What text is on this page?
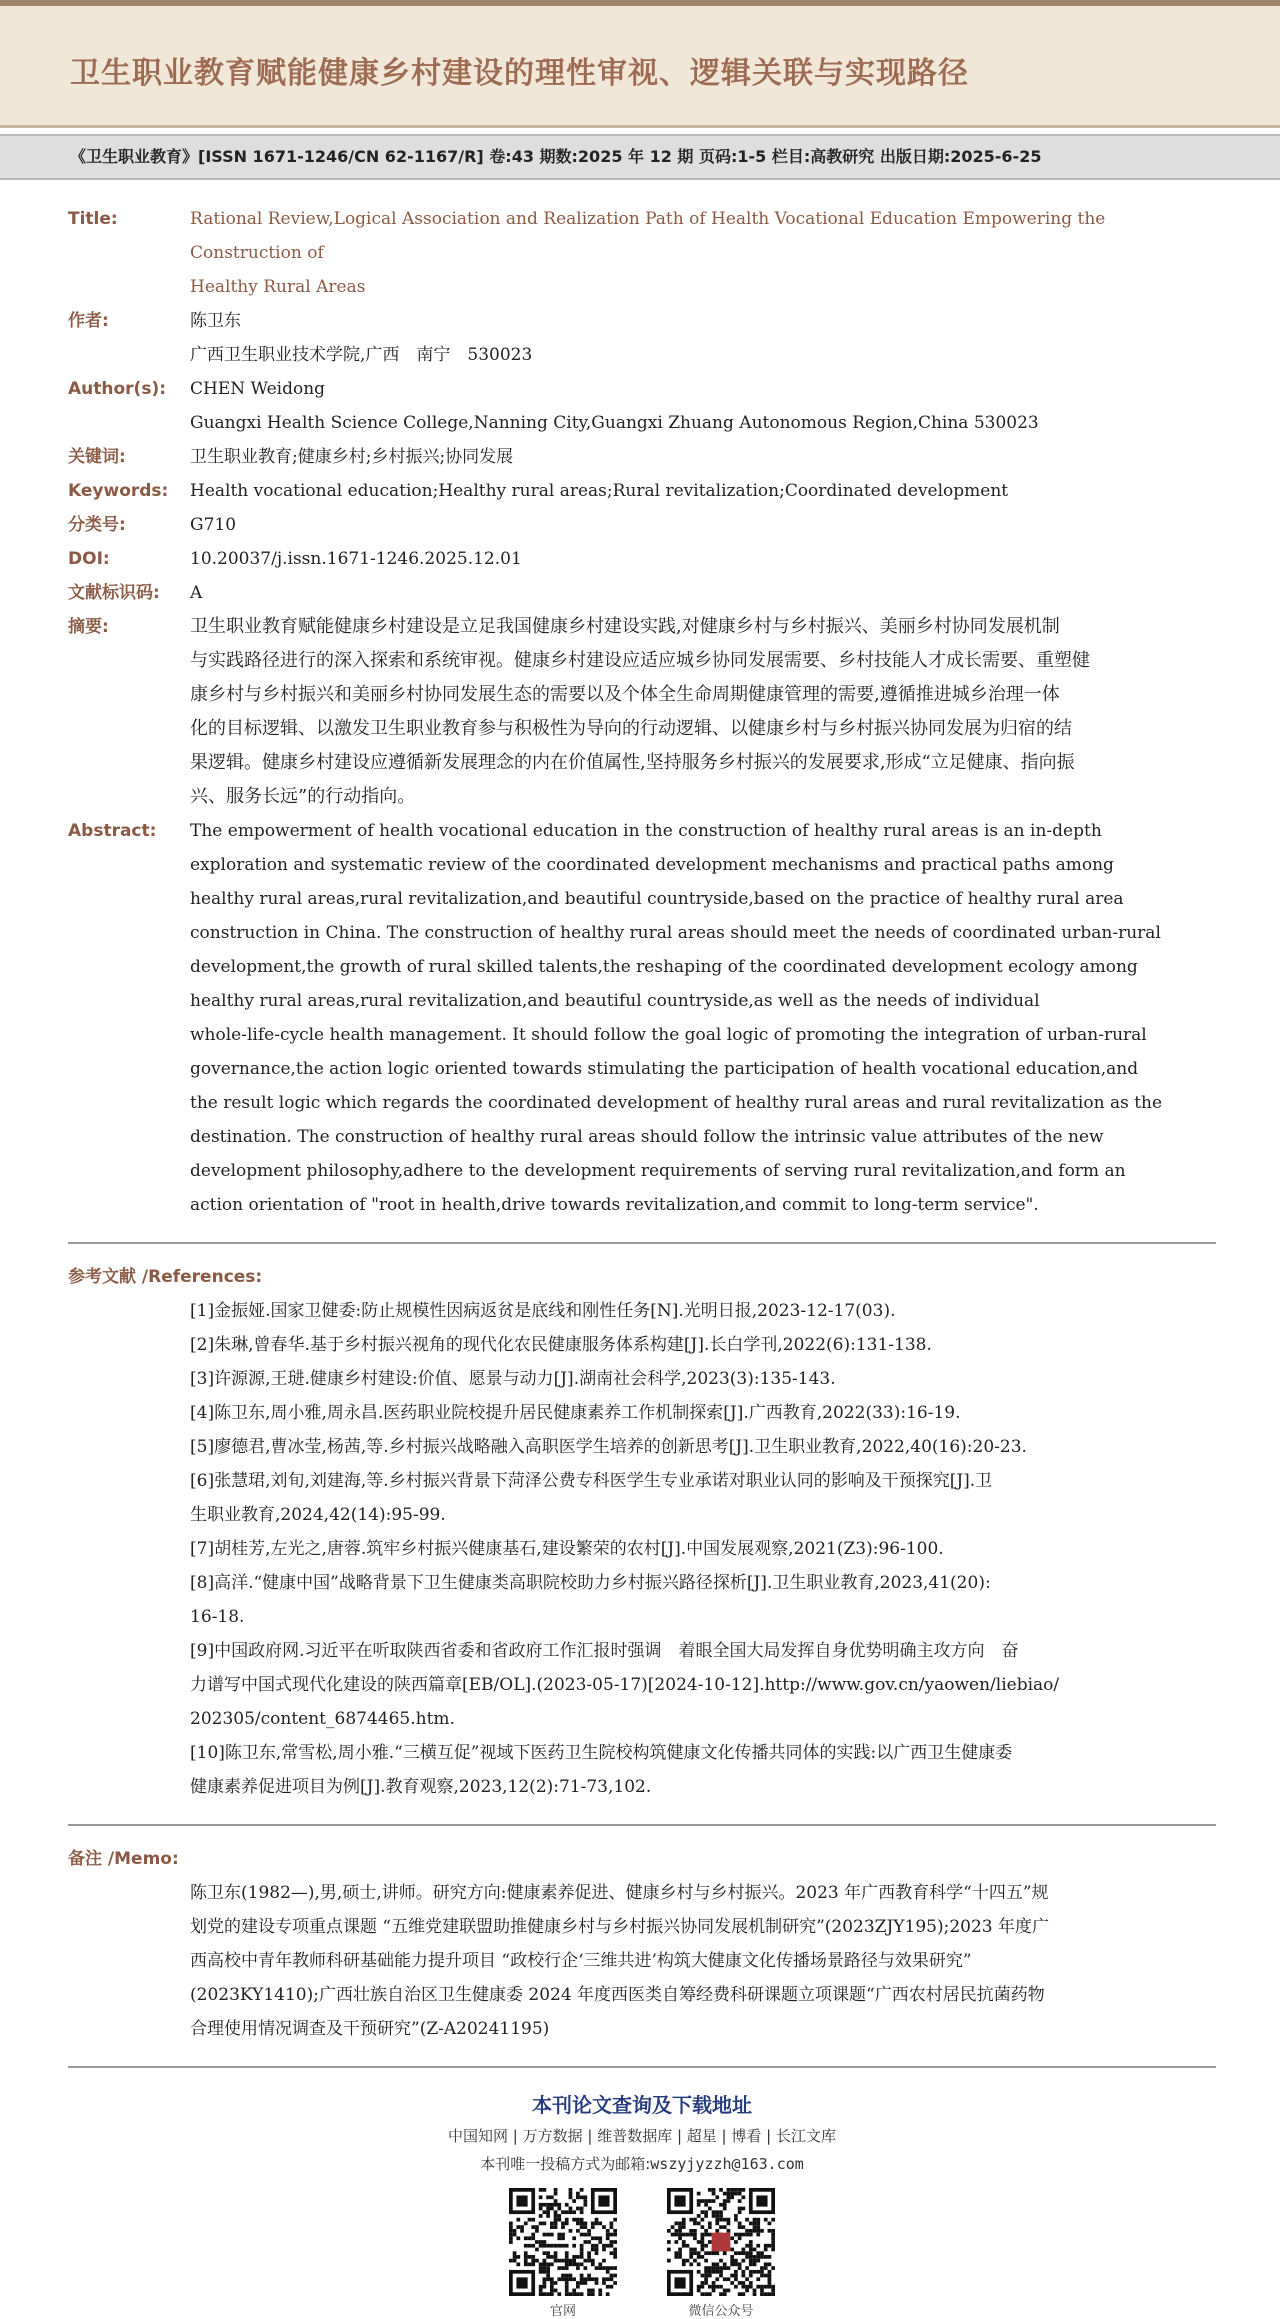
卫生职业教育赋能健康乡村建设的理性审视、逻辑关联与实现路径
《卫生职业教育》[ISSN 1671-1246/CN 62-1167/R] 卷:43 期数:2025 年 12 期 页码:1-5 栏目:高教研究 出版日期:2025-6-25
Title:	Rational Review,Logical Association and Realization Path of Health Vocational Education Empowering the Construction of
Healthy Rural Areas
作者:	陈卫东
广西卫生职业技术学院,广西　南宁　530023
Author(s):	CHEN Weidong
Guangxi Health Science College,Nanning City,Guangxi Zhuang Autonomous Region,China 530023
关键词:	卫生职业教育;健康乡村;乡村振兴;协同发展
Keywords:	Health vocational education;Healthy rural areas;Rural revitalization;Coordinated development
分类号:	G710
DOI:	10.20037/j.issn.1671-1246.2025.12.01
文献标识码:	A
摘要:	卫生职业教育赋能健康乡村建设是立足我国健康乡村建设实践,对健康乡村与乡村振兴、美丽乡村协同发展机制
与实践路径进行的深入探索和系统审视。健康乡村建设应适应城乡协同发展需要、乡村技能人才成长需要、重塑健
康乡村与乡村振兴和美丽乡村协同发展生态的需要以及个体全生命周期健康管理的需要,遵循推进城乡治理一体
化的目标逻辑、以激发卫生职业教育参与积极性为导向的行动逻辑、以健康乡村与乡村振兴协同发展为归宿的结
果逻辑。健康乡村建设应遵循新发展理念的内在价值属性,坚持服务乡村振兴的发展要求,形成“立足健康、指向振
兴、服务长远”的行动指向。
Abstract:	The empowerment of health vocational education in the construction of healthy rural areas is an in-depth
exploration and systematic review of the coordinated development mechanisms and practical paths among
healthy rural areas,rural revitalization,and beautiful countryside,based on the practice of healthy rural area
construction in China. The construction of healthy rural areas should meet the needs of coordinated urban-rural
development,the growth of rural skilled talents,the reshaping of the coordinated development ecology among
healthy rural areas,rural revitalization,and beautiful countryside,as well as the needs of individual
whole-life-cycle health management. It should follow the goal logic of promoting the integration of urban-rural
governance,the action logic oriented towards stimulating the participation of health vocational education,and
the result logic which regards the coordinated development of healthy rural areas and rural revitalization as the
destination. The construction of healthy rural areas should follow the intrinsic value attributes of the new
development philosophy,adhere to the development requirements of serving rural revitalization,and form an
action orientation of "root in health,drive towards revitalization,and commit to long-term service".
参考文献 /References:
[1]金振娅.国家卫健委:防止规模性因病返贫是底线和刚性任务[N].光明日报,2023-12-17(03).
[2]朱琳,曾春华.基于乡村振兴视角的现代化农民健康服务体系构建[J].长白学刊,2022(6):131-138.
[3]许源源,王琎.健康乡村建设:价值、愿景与动力[J].湖南社会科学,2023(3):135-143.
[4]陈卫东,周小雅,周永昌.医药职业院校提升居民健康素养工作机制探索[J].广西教育,2022(33):16-19.
[5]廖德君,曹冰莹,杨茜,等.乡村振兴战略融入高职医学生培养的创新思考[J].卫生职业教育,2022,40(16):20-23.
[6]张慧珺,刘旬,刘建海,等.乡村振兴背景下菏泽公费专科医学生专业承诺对职业认同的影响及干预探究[J].卫
生职业教育,2024,42(14):95-99.
[7]胡桂芳,左光之,唐蓉.筑牢乡村振兴健康基石,建设繁荣的农村[J].中国发展观察,2021(Z3):96-100.
[8]高洋.“健康中国”战略背景下卫生健康类高职院校助力乡村振兴路径探析[J].卫生职业教育,2023,41(20):
16-18.
[9]中国政府网.习近平在听取陕西省委和省政府工作汇报时强调　着眼全国大局发挥自身优势明确主攻方向　奋
力谱写中国式现代化建设的陕西篇章[EB/OL].(2023-05-17)[2024-10-12].http://www.gov.cn/yaowen/liebiao/
202305/content_6874465.htm.
[10]陈卫东,常雪松,周小雅.“三横互促”视域下医药卫生院校构筑健康文化传播共同体的实践:以广西卫生健康委
健康素养促进项目为例[J].教育观察,2023,12(2):71-73,102.
备注 /Memo:
陈卫东(1982—),男,硕士,讲师。研究方向:健康素养促进、健康乡村与乡村振兴。2023 年广西教育科学“十四五”规
划党的建设专项重点课题 “五维党建联盟助推健康乡村与乡村振兴协同发展机制研究”(2023ZJY195);2023 年度广
西高校中青年教师科研基础能力提升项目 “政校行企‘三维共进’构筑大健康文化传播场景路径与效果研究”
(2023KY1410);广西壮族自治区卫生健康委 2024 年度西医类自筹经费科研课题立项课题“广西农村居民抗菌药物
合理使用情况调查及干预研究”(Z-A20241195)
本刊论文查询及下载地址
中国知网 | 万方数据 | 维普数据库 | 超星 | 博看 | 长江文库
本刊唯一投稿方式为邮箱:wszyjyzzh@163.com
官网	微信公众号
